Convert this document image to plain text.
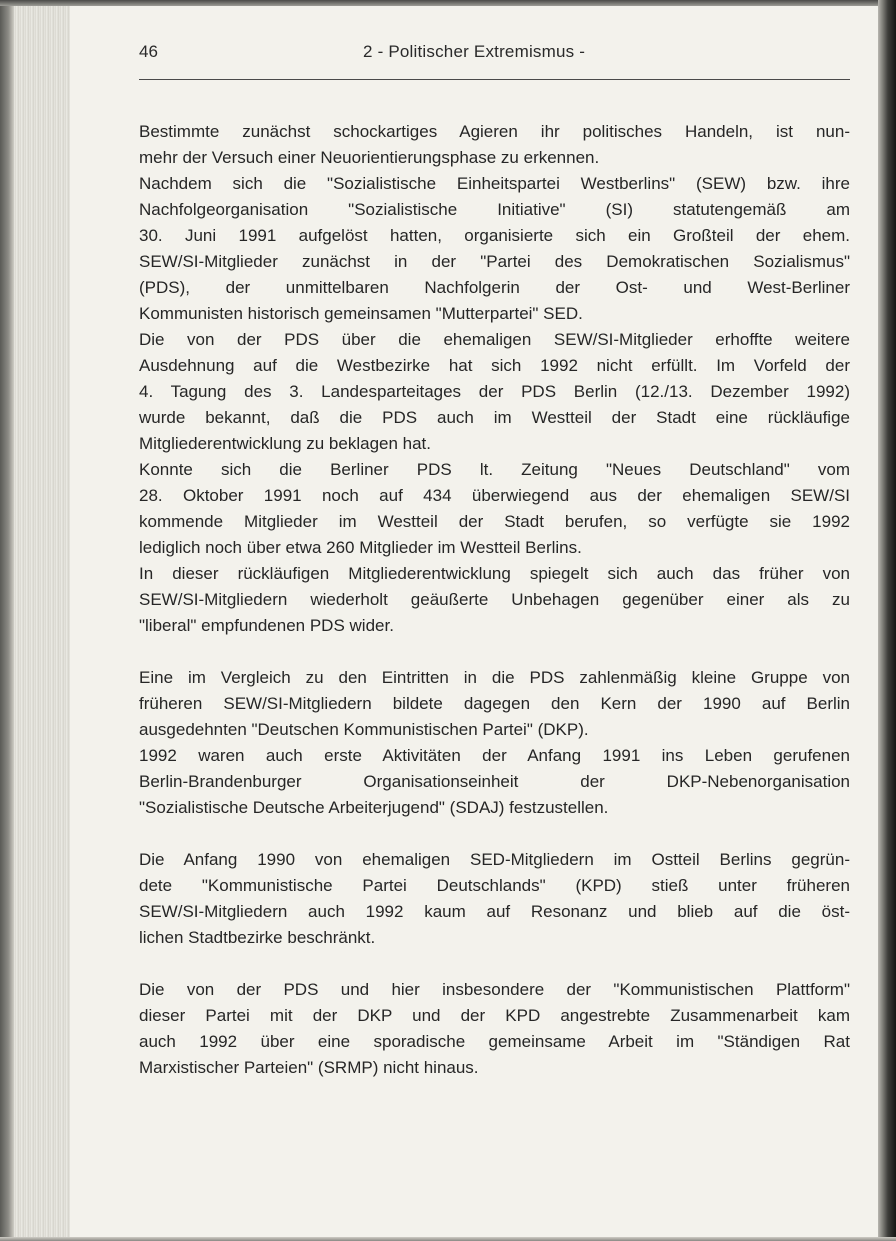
46	2 - Politischer Extremismus -
Bestimmte zunächst schockartiges Agieren ihr politisches Handeln, ist nun-
mehr der Versuch einer Neuorientierungsphase zu erkennen.
Nachdem sich die "Sozialistische Einheitspartei Westberlins" (SEW) bzw. ihre
Nachfolgeorganisation "Sozialistische Initiative" (SI) statutengemäß am
30. Juni 1991 aufgelöst hatten, organisierte sich ein Großteil der ehem.
SEW/SI-Mitglieder zunächst in der "Partei des Demokratischen Sozialismus"
(PDS), der unmittelbaren Nachfolgerin der Ost- und West-Berliner
Kommunisten historisch gemeinsamen "Mutterpartei" SED.
Die von der PDS über die ehemaligen SEW/SI-Mitglieder erhoffte weitere
Ausdehnung auf die Westbezirke hat sich 1992 nicht erfüllt. Im Vorfeld der
4. Tagung des 3. Landesparteitages der PDS Berlin (12./13. Dezember 1992)
wurde bekannt, daß die PDS auch im Westteil der Stadt eine rückläufige
Mitgliederentwicklung zu beklagen hat.
Konnte sich die Berliner PDS lt. Zeitung "Neues Deutschland" vom
28. Oktober 1991 noch auf 434 überwiegend aus der ehemaligen SEW/SI
kommende Mitglieder im Westteil der Stadt berufen, so verfügte sie 1992
lediglich noch über etwa 260 Mitglieder im Westteil Berlins.
In dieser rückläufigen Mitgliederentwicklung spiegelt sich auch das früher von
SEW/SI-Mitgliedern wiederholt geäußerte Unbehagen gegenüber einer als zu
"liberal" empfundenen PDS wider.
Eine im Vergleich zu den Eintritten in die PDS zahlenmäßig kleine Gruppe von
früheren SEW/SI-Mitgliedern bildete dagegen den Kern der 1990 auf Berlin
ausgedehnten "Deutschen Kommunistischen Partei" (DKP).
1992 waren auch erste Aktivitäten der Anfang 1991 ins Leben gerufenen
Berlin-Brandenburger Organisationseinheit der DKP-Nebenorganisation
"Sozialistische Deutsche Arbeiterjugend" (SDAJ) festzustellen.
Die Anfang 1990 von ehemaligen SED-Mitgliedern im Ostteil Berlins gegrün-
dete "Kommunistische Partei Deutschlands" (KPD) stieß unter früheren
SEW/SI-Mitgliedern auch 1992 kaum auf Resonanz und blieb auf die öst-
lichen Stadtbezirke beschränkt.
Die von der PDS und hier insbesondere der "Kommunistischen Plattform"
dieser Partei mit der DKP und der KPD angestrebte Zusammenarbeit kam
auch 1992 über eine sporadische gemeinsame Arbeit im "Ständigen Rat
Marxistischer Parteien" (SRMP) nicht hinaus.
